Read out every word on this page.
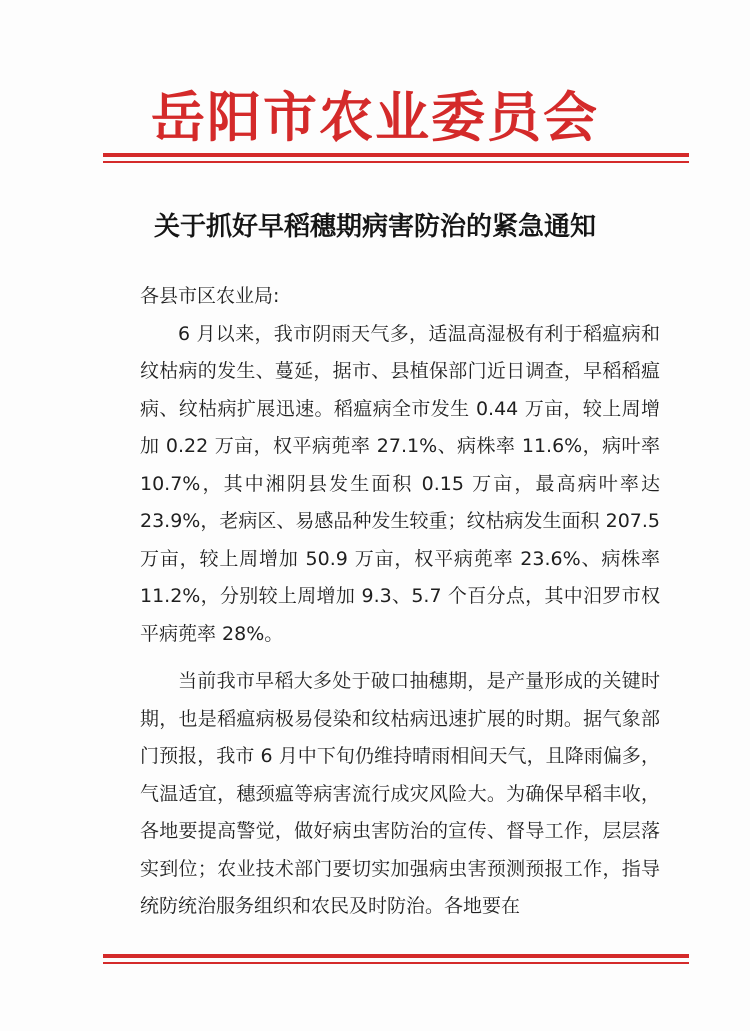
岳阳市农业委员会
关于抓好早稻穗期病害防治的紧急通知

各县市区农业局:

6 月以来，我市阴雨天气多，适温高湿极有利于稻瘟病和纹枯病的发生、蔓延，据市、县植保部门近日调查，早稻稻瘟病、纹枯病扩展迅速。稻瘟病全市发生 0.44 万亩，较上周增加 0.22 万亩，权平病蔸率 27.1%、病株率 11.6%，病叶率 10.7%，其中湘阴县发生面积 0.15 万亩，最高病叶率达 23.9%，老病区、易感品种发生较重；纹枯病发生面积 207.5 万亩，较上周增加 50.9 万亩，权平病蔸率 23.6%、病株率 11.2%，分别较上周增加 9.3、5.7 个百分点，其中汨罗市权平病蔸率 28%。

当前我市早稻大多处于破口抽穗期，是产量形成的关键时期，也是稻瘟病极易侵染和纹枯病迅速扩展的时期。据气象部门预报，我市 6 月中下旬仍维持晴雨相间天气，且降雨偏多，气温适宜，穗颈瘟等病害流行成灾风险大。为确保早稻丰收，各地要提高警觉，做好病虫害防治的宣传、督导工作，层层落实到位；农业技术部门要切实加强病虫害预测预报工作，指导统防统治服务组织和农民及时防治。各地要在
